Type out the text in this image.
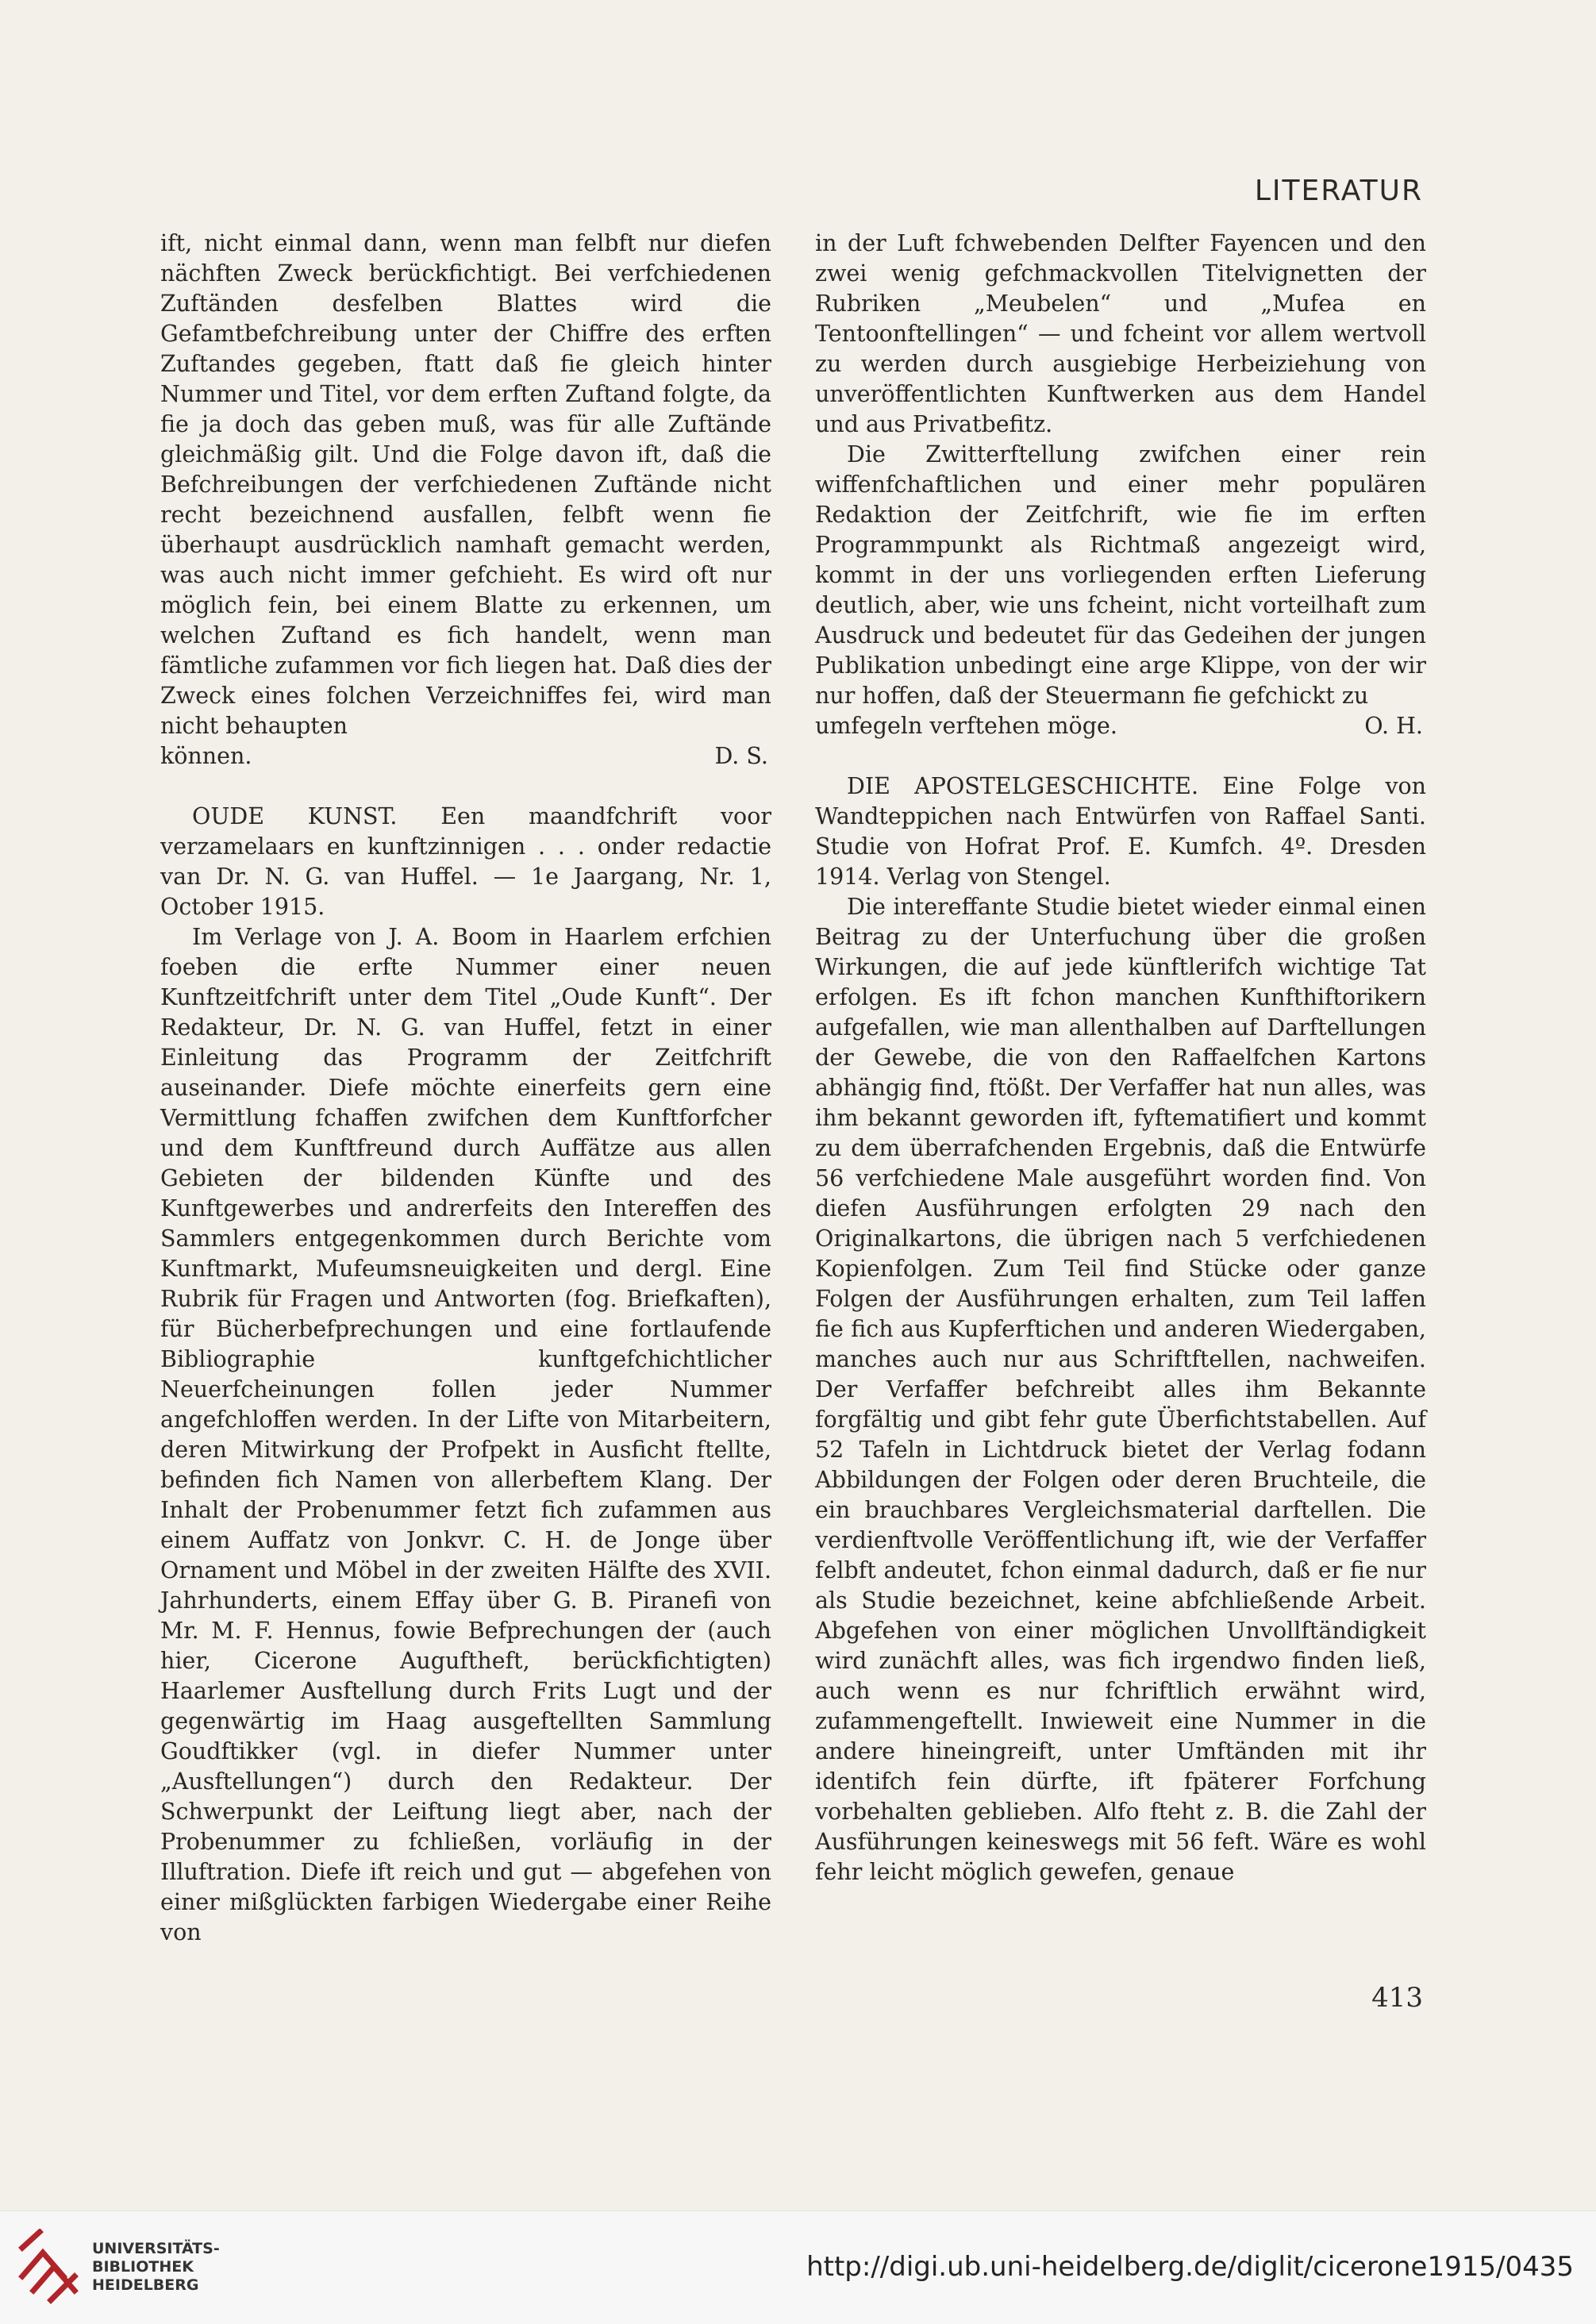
LITERATUR

ift, nicht einmal dann, wenn man felbft nur diefen nächften Zweck berückfichtigt. Bei verfchiedenen Zuftänden desfelben Blattes wird die Gefamtbefchreibung unter der Chiffre des erften Zuftandes gegeben, ftatt daß fie gleich hinter Nummer und Titel, vor dem erften Zuftand folgte, da fie ja doch das geben muß, was für alle Zuftände gleichmäßig gilt. Und die Folge davon ift, daß die Befchreibungen der verfchiedenen Zuftände nicht recht bezeichnend ausfallen, felbft wenn fie überhaupt ausdrücklich namhaft gemacht werden, was auch nicht immer gefchieht. Es wird oft nur möglich fein, bei einem Blatte zu erkennen, um welchen Zuftand es fich handelt, wenn man fämtliche zufammen vor fich liegen hat. Daß dies der Zweck eines folchen Verzeichniffes fei, wird man nicht behaupten

können.	D. S.

OUDE KUNST. Een maandfchrift voor verzamelaars en kunftzinnigen . . . onder redactie van Dr. N. G. van Huffel. — 1e Jaargang, Nr. 1, October 1915.

Im Verlage von J. A. Boom in Haarlem erfchien foeben die erfte Nummer einer neuen Kunftzeitfchrift unter dem Titel „Oude Kunft“. Der Redakteur, Dr. N. G. van Huffel, fetzt in einer Einleitung das Programm der Zeitfchrift auseinander. Diefe möchte einerfeits gern eine Vermittlung fchaffen zwifchen dem Kunftforfcher und dem Kunftfreund durch Auffätze aus allen Gebieten der bildenden Künfte und des Kunftgewerbes und andrerfeits den Intereffen des Sammlers entgegenkommen durch Berichte vom Kunftmarkt, Mufeumsneuigkeiten und dergl. Eine Rubrik für Fragen und Antworten (fog. Briefkaften), für Bücherbefprechungen und eine fortlaufende Bibliographie kunftgefchichtlicher Neuerfcheinungen follen jeder Nummer angefchloffen werden. In der Lifte von Mitarbeitern, deren Mitwirkung der Profpekt in Ausficht ftellte, befinden fich Namen von allerbeftem Klang. Der Inhalt der Probenummer fetzt fich zufammen aus einem Auffatz von Jonkvr. C. H. de Jonge über Ornament und Möbel in der zweiten Hälfte des XVII. Jahrhunderts, einem Effay über G. B. Piranefi von Mr. M. F. Hennus, fowie Befprechungen der (auch hier, Cicerone Auguftheft, berückfichtigten) Haarlemer Ausftellung durch Frits Lugt und der gegenwärtig im Haag ausgeftellten Sammlung Goudftikker (vgl. in diefer Nummer unter „Ausftellungen“) durch den Redakteur. Der Schwerpunkt der Leiftung liegt aber, nach der Probenummer zu fchließen, vorläufig in der Illuftration. Diefe ift reich und gut — abgefehen von einer mißglückten farbigen Wiedergabe einer Reihe von

in der Luft fchwebenden Delfter Fayencen und den zwei wenig gefchmackvollen Titelvignetten der Rubriken „Meubelen“ und „Mufea en Tentoonftellingen“ — und fcheint vor allem wertvoll zu werden durch ausgiebige Herbeiziehung von unveröffentlichten Kunftwerken aus dem Handel und aus Privatbefitz.

Die Zwitterftellung zwifchen einer rein wiffenfchaftlichen und einer mehr populären Redaktion der Zeitfchrift, wie fie im erften Programmpunkt als Richtmaß angezeigt wird, kommt in der uns vorliegenden erften Lieferung deutlich, aber, wie uns fcheint, nicht vorteilhaft zum Ausdruck und bedeutet für das Gedeihen der jungen Publikation unbedingt eine arge Klippe, von der wir nur hoffen, daß der Steuermann fie gefchickt zu

umfegeln verftehen möge.	O. H.

DIE APOSTELGESCHICHTE. Eine Folge von Wandteppichen nach Entwürfen von Raffael Santi. Studie von Hofrat Prof. E. Kumfch. 4º. Dresden 1914. Verlag von Stengel.

Die intereffante Studie bietet wieder einmal einen Beitrag zu der Unterfuchung über die großen Wirkungen, die auf jede künftlerifch wichtige Tat erfolgen. Es ift fchon manchen Kunfthiftorikern aufgefallen, wie man allenthalben auf Darftellungen der Gewebe, die von den Raffaelfchen Kartons abhängig find, ftößt. Der Verfaffer hat nun alles, was ihm bekannt geworden ift, fyftematifiert und kommt zu dem überrafchenden Ergebnis, daß die Entwürfe 56 verfchiedene Male ausgeführt worden find. Von diefen Ausführungen erfolgten 29 nach den Originalkartons, die übrigen nach 5 verfchiedenen Kopienfolgen. Zum Teil find Stücke oder ganze Folgen der Ausführungen erhalten, zum Teil laffen fie fich aus Kupferftichen und anderen Wiedergaben, manches auch nur aus Schriftftellen, nachweifen. Der Verfaffer befchreibt alles ihm Bekannte forgfältig und gibt fehr gute Überfichtstabellen. Auf 52 Tafeln in Lichtdruck bietet der Verlag fodann Abbildungen der Folgen oder deren Bruchteile, die ein brauchbares Vergleichsmaterial darftellen. Die verdienftvolle Veröffentlichung ift, wie der Verfaffer felbft andeutet, fchon einmal dadurch, daß er fie nur als Studie bezeichnet, keine abfchließende Arbeit. Abgefehen von einer möglichen Unvollftändigkeit wird zunächft alles, was fich irgendwo finden ließ, auch wenn es nur fchriftlich erwähnt wird, zufammengeftellt. Inwieweit eine Nummer in die andere hineingreift, unter Umftänden mit ihr identifch fein dürfte, ift fpäterer Forfchung vorbehalten geblieben. Alfo fteht z. B. die Zahl der Ausführungen keineswegs mit 56 feft. Wäre es wohl fehr leicht möglich gewefen, genaue

413
UNIVERSITÄTS-
BIBLIOTHEK
HEIDELBERG
http://digi.ub.uni-heidelberg.de/diglit/cicerone1915/0435
